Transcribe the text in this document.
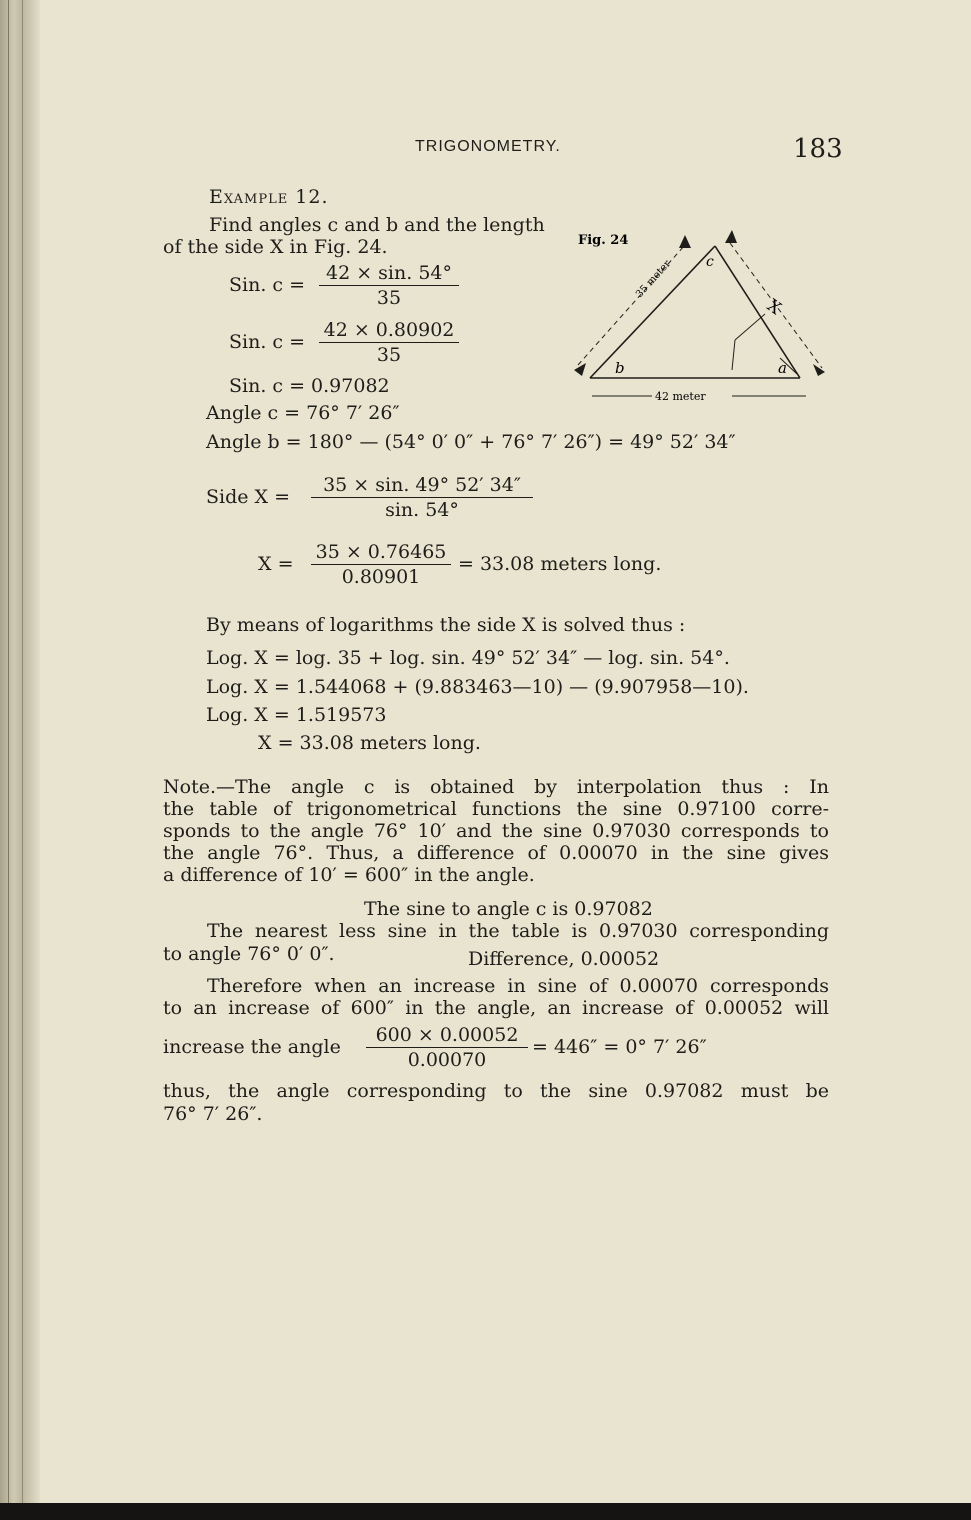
TRIGONOMETRY.	183
Example 12.
Find angles c and b and the length
of the side X in Fig. 24.
Sin. $c = \frac{42 \times \sin. 54^\circ}{35}$
Sin. $c = \frac{42 \times 0.80902}{35}$
Sin. c = 0.97082
Angle c = 76° 7′ 26″
Angle b = 180° — (54° 0′ 0″ + 76° 7′ 26″) = 49° 52′ 34″
Side $X = \frac{35 \times \sin. 49^\circ 52' 34''}{\sin. 54^\circ}$
$X = \frac{35 \times 0.76465}{0.80901} = 33.08$ meters long.
Fig. 24
c
b	a
35 meter
X
42 meter
By means of logarithms the side X is solved thus :
Log. X = log. 35 + log. sin. 49° 52′ 34″ — log. sin. 54°.
Log. X = 1.544068 + (9.883463—10) — (9.907958—10).
Log. X = 1.519573
X = 33.08 meters long.
Note.—The angle c is obtained by interpolation thus : In
the table of trigonometrical functions the sine 0.97100 corre-
sponds to the angle 76° 10′ and the sine 0.97030 corresponds to
the angle 76°. Thus, a difference of 0.00070 in the sine gives
a difference of 10′ = 600″ in the angle.
The sine to angle c is 0.97082
The nearest less sine in the table is 0.97030 corresponding
to angle 76° 0′ 0″.	Difference, 0.00052
Therefore when an increase in sine of 0.00070 corresponds
to an increase of 600″ in the angle, an increase of 0.00052 will
increase the angle $\frac{600 \times 0.00052}{0.00070} = 446'' = 0^\circ$ 7′ 26″
thus, the angle corresponding to the sine 0.97082 must be
76° 7′ 26″.
